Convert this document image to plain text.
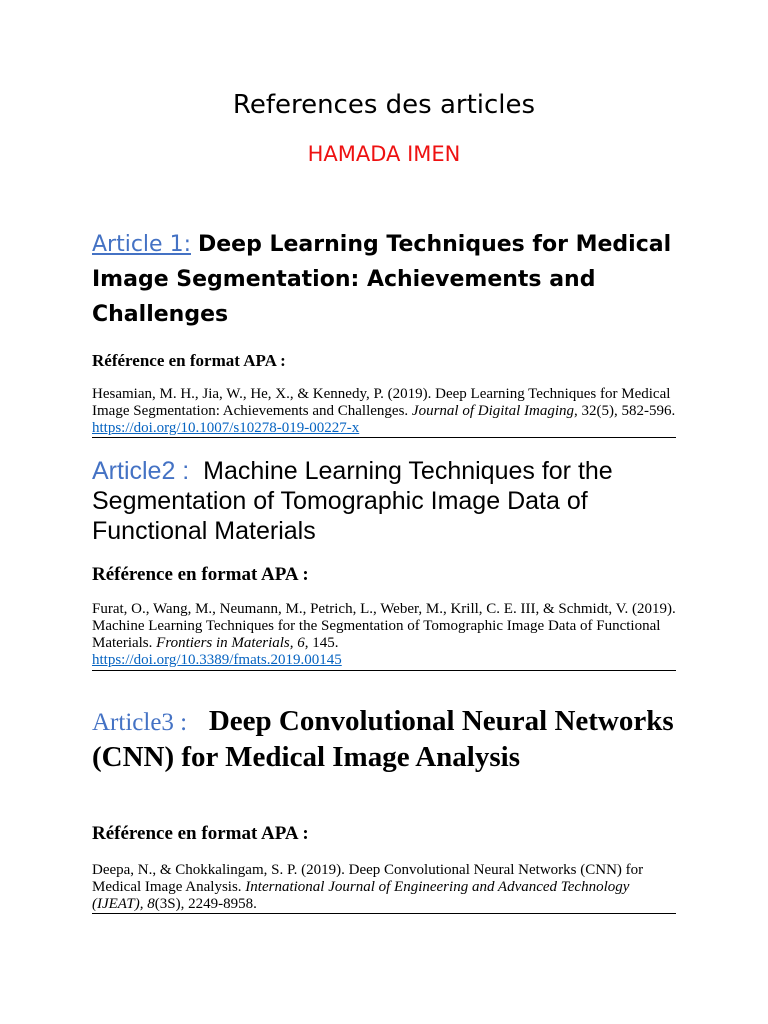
References des articles
HAMADA IMEN
Article 1: Deep Learning Techniques for Medical Image Segmentation: Achievements and Challenges
Référence en format APA :

Hesamian, M. H., Jia, W., He, X., & Kennedy, P. (2019). Deep Learning Techniques for Medical Image Segmentation: Achievements and Challenges. Journal of Digital Imaging, 32(5), 582-596. https://doi.org/10.1007/s10278-019-00227-x

Article2 : Machine Learning Techniques for the Segmentation of Tomographic Image Data of Functional Materials
Référence en format APA :

Furat, O., Wang, M., Neumann, M., Petrich, L., Weber, M., Krill, C. E. III, & Schmidt, V. (2019). Machine Learning Techniques for the Segmentation of Tomographic Image Data of Functional Materials. Frontiers in Materials, 6, 145.
https://doi.org/10.3389/fmats.2019.00145

Article3 : Deep Convolutional Neural Networks (CNN) for Medical Image Analysis
Référence en format APA :

Deepa, N., & Chokkalingam, S. P. (2019). Deep Convolutional Neural Networks (CNN) for Medical Image Analysis. International Journal of Engineering and Advanced Technology (IJEAT), 8(3S), 2249-8958.
